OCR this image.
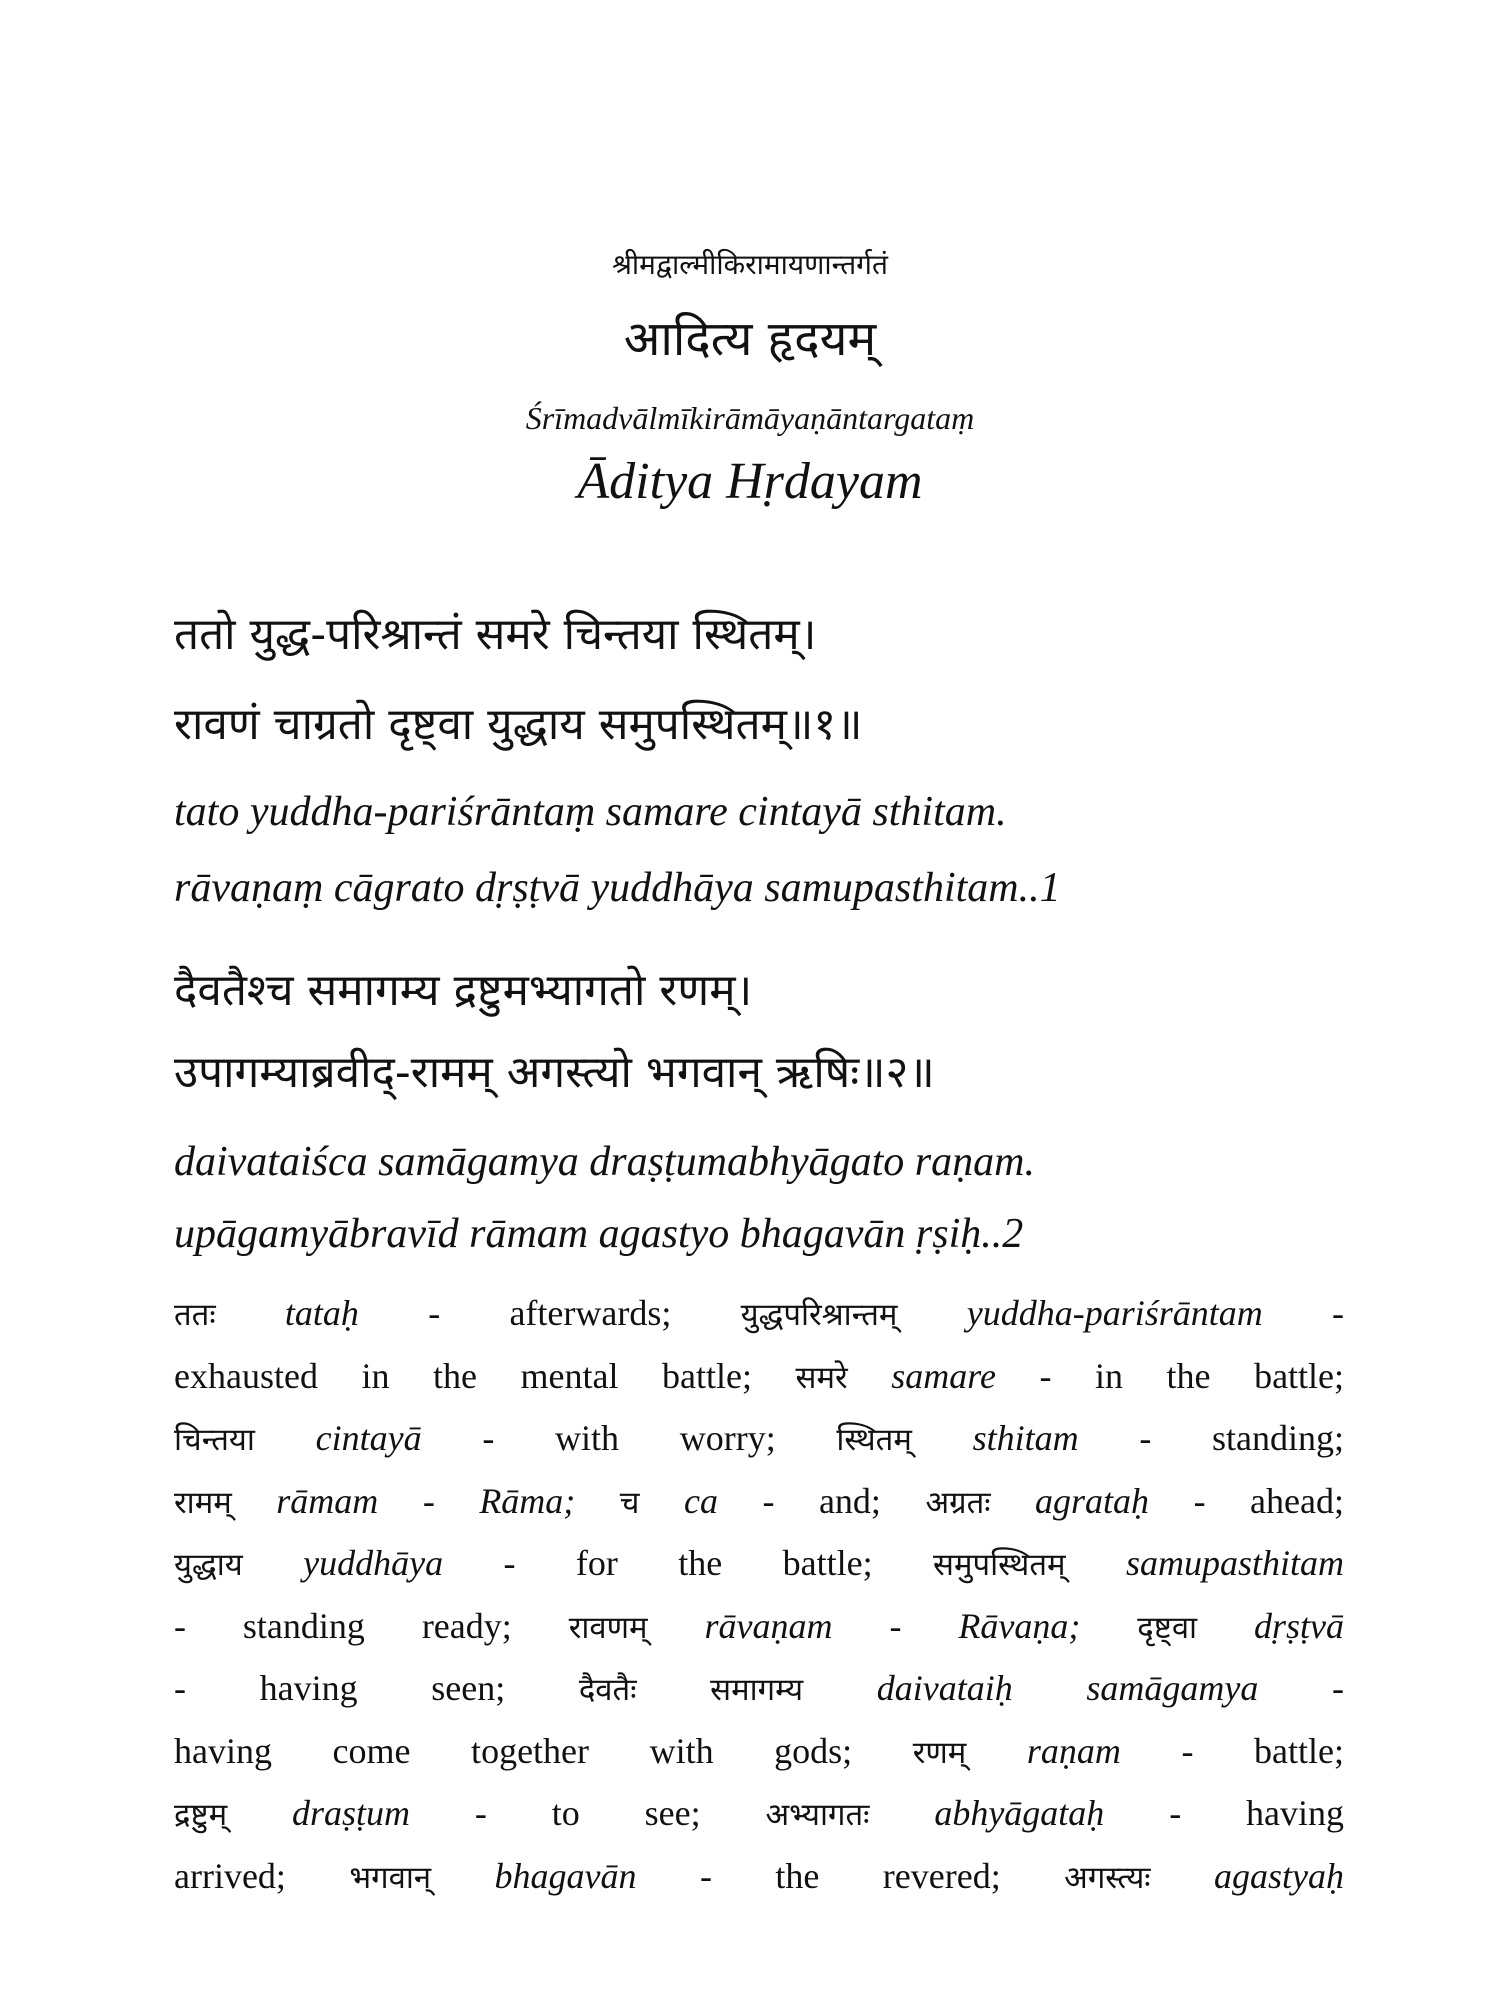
श्रीमद्वाल्मीकिरामायणान्तर्गतं
आदित्य हृदयम्
Śrīmadvālmīkirāmāyaṇāntargataṃ
Āditya Hṛdayam
ततो युद्ध-परिश्रान्तं समरे चिन्तया स्थितम्।
रावणं चाग्रतो दृष्ट्वा युद्धाय समुपस्थितम्॥१॥
tato yuddha-pariśrāntaṃ samare cintayā sthitam.
rāvaṇaṃ cāgrato dṛṣṭvā yuddhāya samupasthitam..1
दैवतैश्च समागम्य द्रष्टुमभ्यागतो रणम्।
उपागम्याब्रवीद्-रामम् अगस्त्यो भगवान् ऋषिः॥२॥
daivataiśca samāgamya draṣṭumabhyāgato raṇam.
upāgamyābravīd rāmam agastyo bhagavān ṛṣiḥ..2
ततः tataḥ - afterwards; युद्धपरिश्रान्तम् yuddha-pariśrāntam -
exhausted in the mental battle; समरे samare - in the battle;
चिन्तया cintayā - with worry; स्थितम् sthitam - standing;
रामम् rāmam - Rāma; च ca - and; अग्रतः agrataḥ - ahead;
युद्धाय yuddhāya - for the battle; समुपस्थितम् samupasthitam
- standing ready; रावणम् rāvaṇam - Rāvaṇa; दृष्ट्वा dṛṣṭvā
- having seen; दैवतैः समागम्य daivataiḥ samāgamya -
having come together with gods; रणम् raṇam - battle;
द्रष्टुम् draṣṭum - to see; अभ्यागतः abhyāgataḥ - having
arrived; भगवान् bhagavān - the revered; अगस्त्यः agastyaḥ
